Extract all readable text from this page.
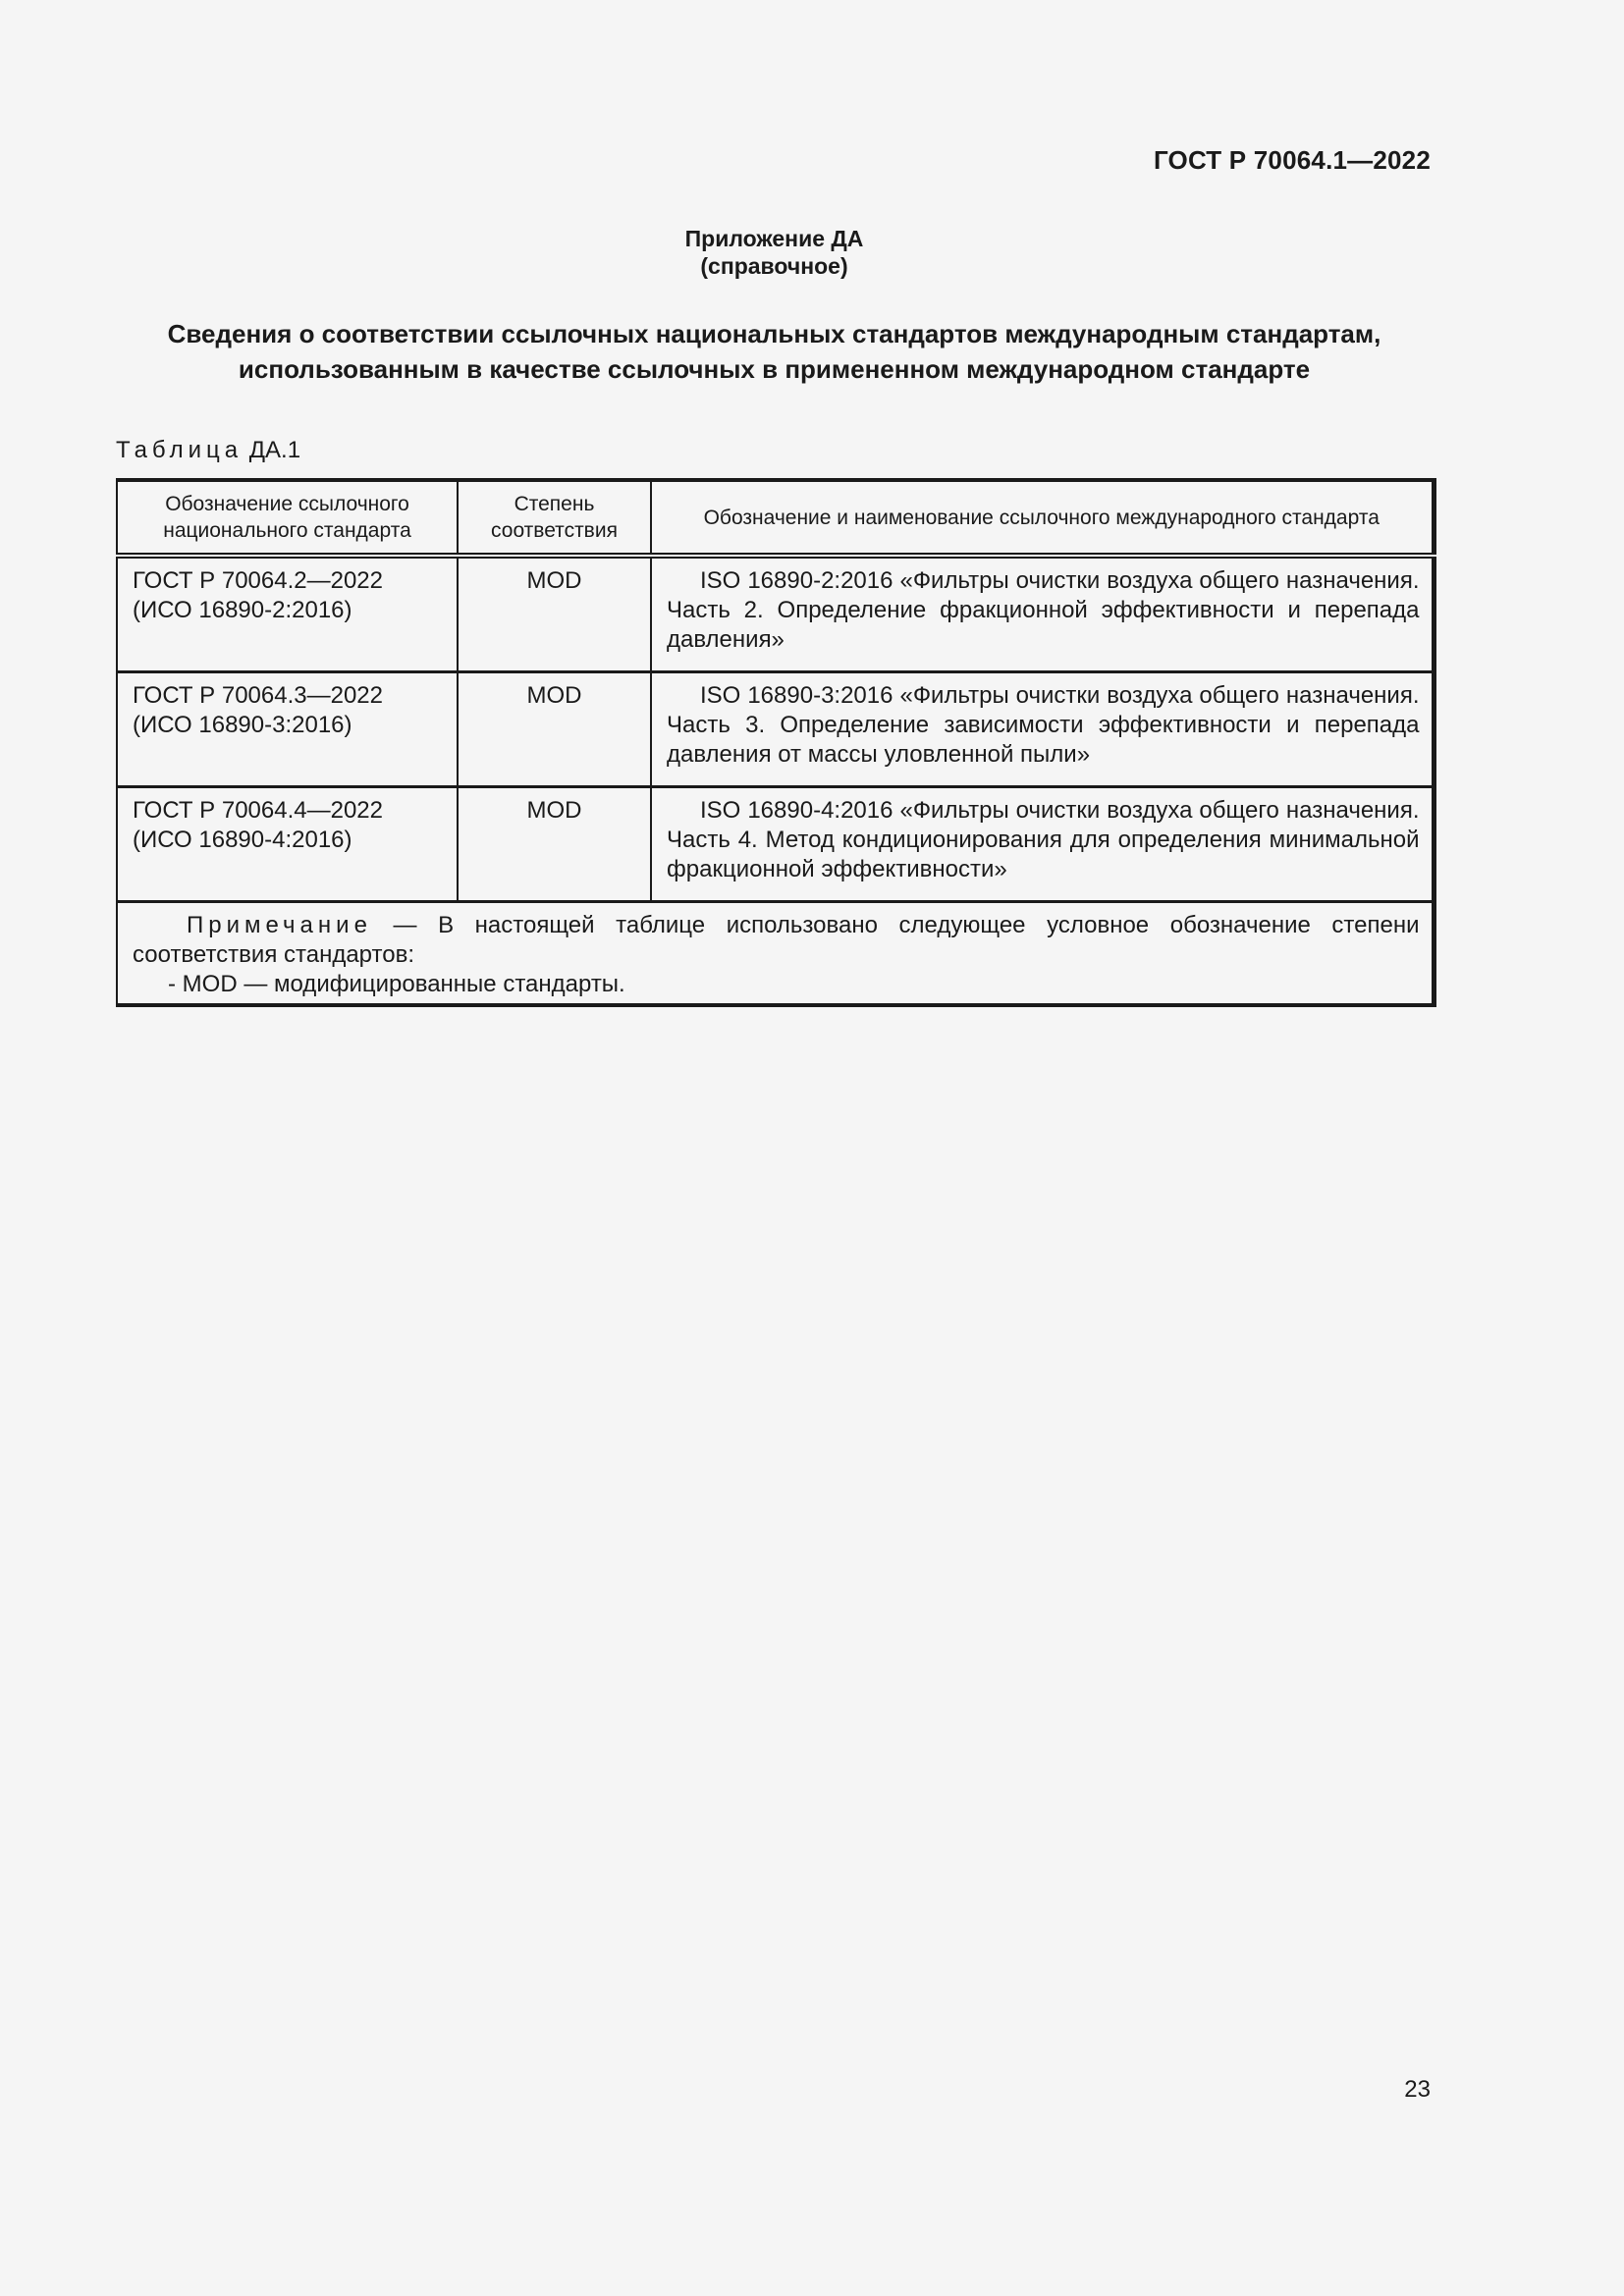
ГОСТ Р 70064.1—2022
Приложение ДА
(справочное)
Сведения о соответствии ссылочных национальных стандартов международным стандартам,
использованным в качестве ссылочных в примененном международном стандарте
Таблица ДА.1
Обозначение ссылочного национального стандарта	Степень соответствия	Обозначение и наименование ссылочного международного стандарта

ГОСТ Р 70064.2—2022
(ИСО 16890-2:2016)	MOD	ISO 16890-2:2016 «Фильтры очистки воздуха общего назначения. Часть 2. Определение фракционной эффективности и перепада давления»

ГОСТ Р 70064.3—2022
(ИСО 16890-3:2016)	MOD	ISO 16890-3:2016 «Фильтры очистки воздуха общего назначения. Часть 3. Определение зависимости эффективности и перепада давления от массы уловленной пыли»

ГОСТ Р 70064.4—2022
(ИСО 16890-4:2016)	MOD	ISO 16890-4:2016 «Фильтры очистки воздуха общего назначения. Часть 4. Метод кондиционирования для определения минимальной фракционной эффективности»

Примечание — В настоящей таблице использовано следующее условное обозначение степени соответствия стандартов:
- MOD — модифицированные стандарты.		
23
